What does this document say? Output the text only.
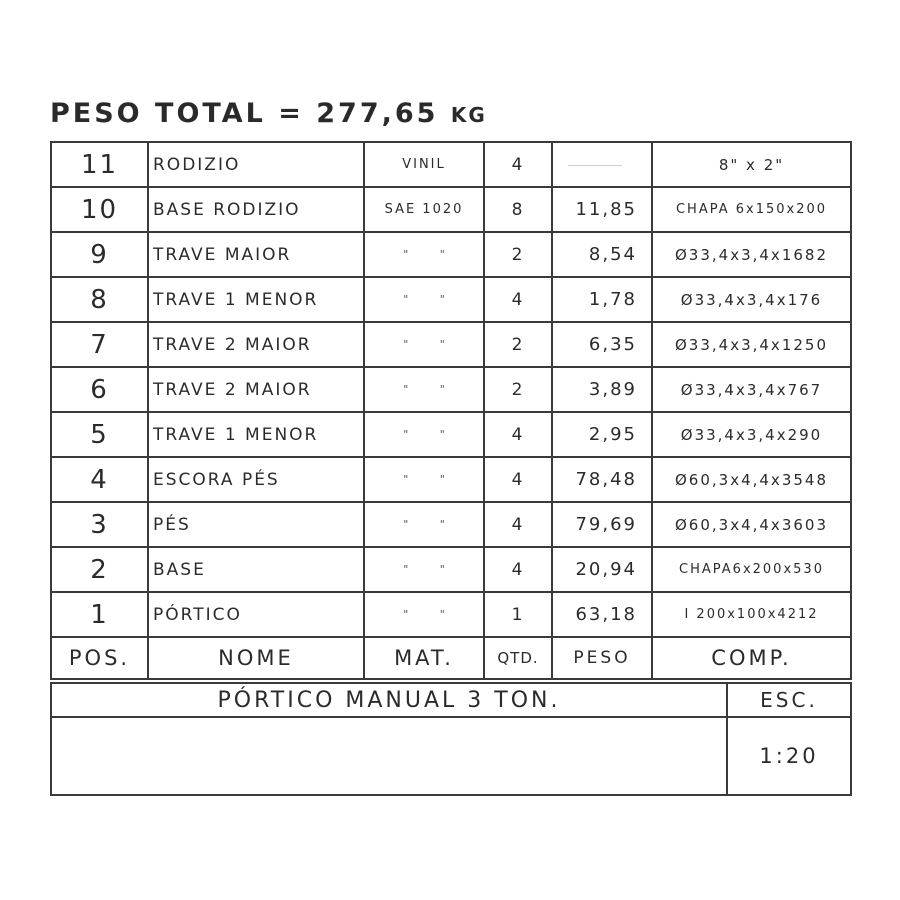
PESO TOTAL = 277,65 KG
11	RODIZIO	VINIL	4		8" x 2"
10	BASE RODIZIO	SAE 1020	8	11,85	CHAPA 6x150x200
9	TRAVE MAIOR	" "	2	8,54	Ø33,4x3,4x1682
8	TRAVE 1 MENOR	" "	4	1,78	Ø33,4x3,4x176
7	TRAVE 2 MAIOR	" "	2	6,35	Ø33,4x3,4x1250
6	TRAVE 2 MAIOR	" "	2	3,89	Ø33,4x3,4x767
5	TRAVE 1 MENOR	" "	4	2,95	Ø33,4x3,4x290
4	ESCORA PÉS	" "	4	78,48	Ø60,3x4,4x3548
3	PÉS	" "	4	79,69	Ø60,3x4,4x3603
2	BASE	" "	4	20,94	CHAPA6x200x530
1	PÓRTICO	" "	1	63,18	I 200x100x4212
POS.	NOME	MAT.	QTD.	PESO	COMP.
PÓRTICO MANUAL 3 TON.	ESC.
	1:20
